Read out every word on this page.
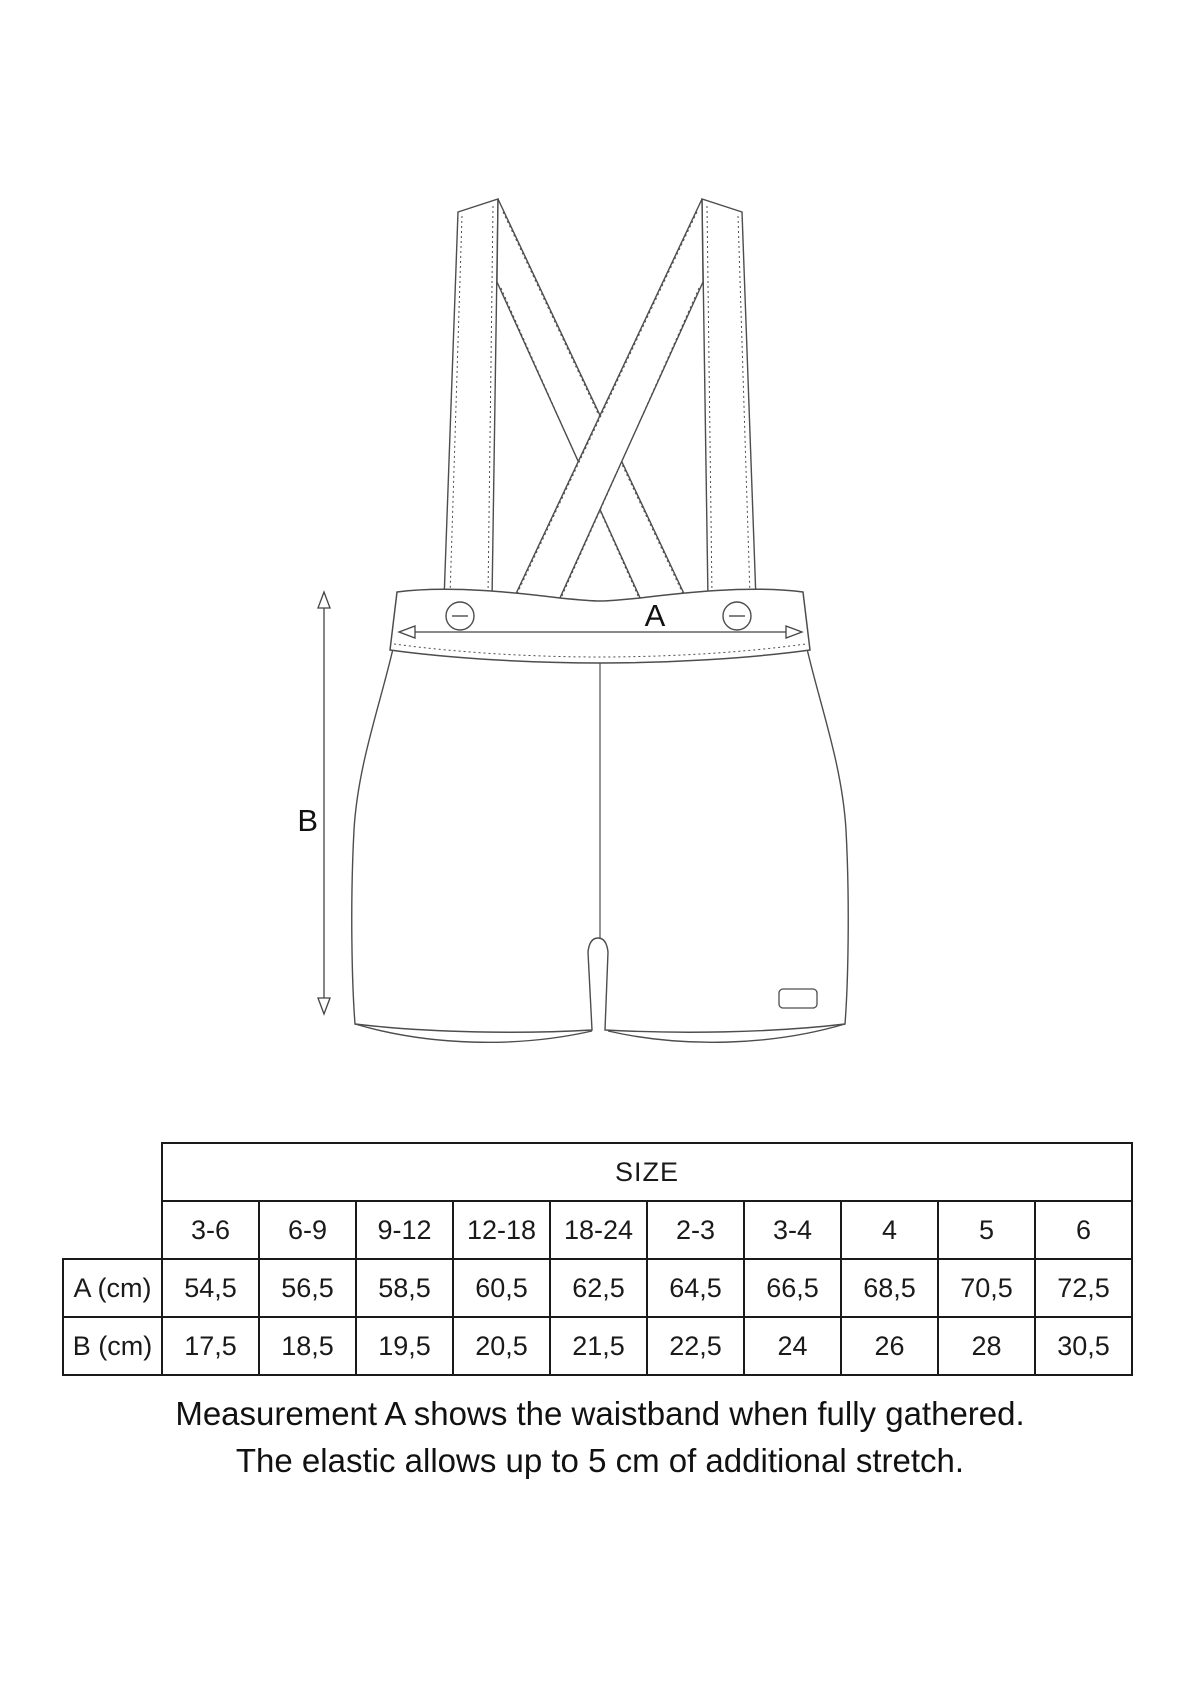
A
B
	SIZE									
	3-6	6-9	9-12	12-18	18-24	2-3	3-4	4	5	6
A (cm)	54,5	56,5	58,5	60,5	62,5	64,5	66,5	68,5	70,5	72,5
B (cm)	17,5	18,5	19,5	20,5	21,5	22,5	24	26	28	30,5
Measurement A shows the waistband when fully gathered.
The elastic allows up to 5 cm of additional stretch.
